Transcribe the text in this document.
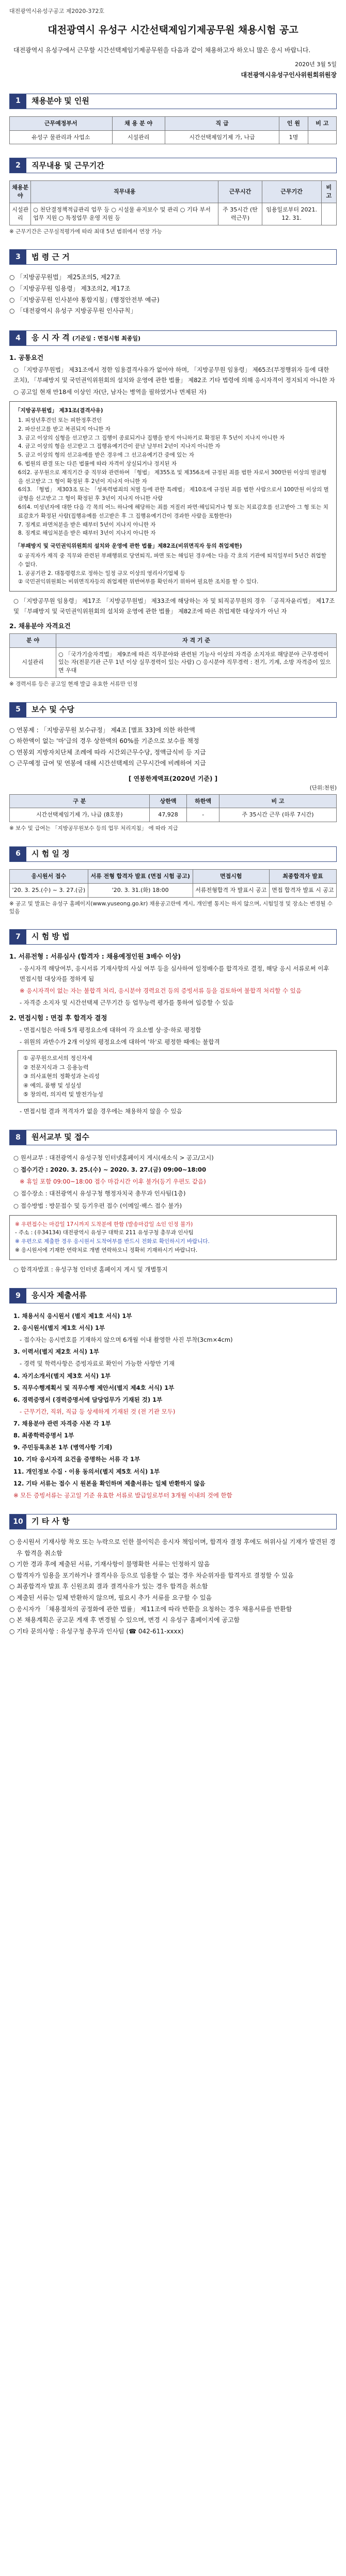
대전광역시유성구공고 제2020-372호
대전광역시 유성구 시간선택제임기제공무원 채용시험 공고

대전광역시 유성구에서 근무할 시간선택제임기제공무원을 다음과 같이 채용하고자 하오니 많은 응시 바랍니다.

2020년 3월 5일
대전광역시유성구인사위원회위원장
1	채용분야 및 인원
근무예정부서	채 용 분 야	직 급	인 원	비 고
유성구 물관리과 사업소	시설관리	시간선택제임기제 가, 나급	1명	
2	직무내용 및 근무기간
채용분야	직무내용	근무시간	근무기간	비 고
시설관리	○ 천단결정책적급관리 업무 등 ○ 시설물 유지보수 및 관리 ○ 기타 부서 업무 지원 ○ 특정업무 운영 지원 등	주 35시간 (탄력근무)	임용일로부터 2021. 12. 31.	
※ 근무기간은 근무실적평가에 따라 최대 5년 범위에서 연장 가능
3	법 령 근 거
○ 「지방공무원법」 제25조의5, 제27조
○ 「지방공무원 임용령」 제3조의2, 제17조
○ 「지방공무원 인사분야 통합지침」(행정안전부 예규)
○ 「대전광역시 유성구 지방공무원 인사규칙」
4	응 시 자 격 (기준일 : 면접시험 최종일)
1. 공통요건

○ 「지방공무원법」 제31조에서 정한 임용결격사유가 없어야 하며, 「지방공무원 임용령」 제65조(부정행위자 등에 대한 조치), 「부패방지 및 국민권익위원회의 설치와 운영에 관한 법률」 제82조 기타 법령에 의해 응시자격이 정지되지 아니한 자

○ 공고일 현재 만18세 이상인 자(단, 남자는 병역을 필하였거나 면제된 자)

「지방공무원법」 제31조(결격사유)
1. 피성년후견인 또는 피한정후견인
2. 파산선고를 받고 복권되지 아니한 자
3. 금고 이상의 실형을 선고받고 그 집행이 종료되거나 집행을 받지 아니하기로 확정된 후 5년이 지나지 아니한 자
4. 금고 이상의 형을 선고받고 그 집행유예기간이 끝난 날부터 2년이 지나지 아니한 자
5. 금고 이상의 형의 선고유예를 받은 경우에 그 선고유예기간 중에 있는 자
6. 법원의 판결 또는 다른 법률에 따라 자격이 상실되거나 정지된 자
6의2. 공무원으로 재직기간 중 직무와 관련하여 「형법」 제355조 및 제356조에 규정된 죄를 범한 자로서 300만원 이상의 벌금형을 선고받고 그 형이 확정된 후 2년이 지나지 아니한 자
6의3. 「형법」 제303조 또는 「성폭력범죄의 처벌 등에 관한 특례법」 제10조에 규정된 죄를 범한 사람으로서 100만원 이상의 벌금형을 선고받고 그 형이 확정된 후 3년이 지나지 아니한 사람
6의4. 미성년자에 대한 다음 각 목의 어느 하나에 해당하는 죄를 저질러 파면·해임되거나 형 또는 치료감호를 선고받아 그 형 또는 치료감호가 확정된 사람(집행유예를 선고받은 후 그 집행유예기간이 경과한 사람을 포함한다)
7. 징계로 파면처분을 받은 때부터 5년이 지나지 아니한 자
8. 징계로 해임처분을 받은 때부터 3년이 지나지 아니한 자
「부패방지 및 국민권익위원회의 설치와 운영에 관한 법률」제82조(비위면직자 등의 취업제한)
① 공직자가 재직 중 직무와 관련된 부패행위로 당연퇴직, 파면 또는 해임된 경우에는 다음 각 호의 기관에 퇴직일부터 5년간 취업할 수 없다.
1. 공공기관 2. 대통령령으로 정하는 일정 규모 이상의 영리사기업체 등
② 국민권익위원회는 비위면직자등의 취업제한 위반여부를 확인하기 위하여 필요한 조치를 할 수 있다.

○ 「지방공무원 임용령」 제17조 「지방공무원법」 제33조에 해당하는 자 및 퇴직공무원의 경우 「공직자윤리법」 제17조 및 「부패방지 및 국민권익위원회의 설치와 운영에 관한 법률」 제82조에 따른 취업제한 대상자가 아닌 자

2. 채용분야 자격요건
분 야	자 격 기 준
시설관리	○ 「국가기술자격법」 제9조에 따른 직무분야와 관련된 기능사 이상의 자격증 소지자로 해당분야 근무경력이 있는 자(전문기관 근무 1년 이상 실무경력이 있는 사람) ○ 응시분야 직무경력 : 전기, 기계, 소방 자격증이 있으면 우대
※ 경력서류 등은 공고일 현재 발급 유효한 서류만 인정
5	보수 및 수당
○ 연봉제 : 「지방공무원 보수규정」 제4조 [별표 33]에 의한 하한액
○ 하한액이 없는 '마'급의 경우 상한액의 60%를 기준으로 보수를 책정
○ 연봉외 지방자치단체 조례에 따라 시간외근무수당, 정액급식비 등 지급
○ 근무예정 급여 및 연봉에 대해 시간선택제의 근무시간에 비례하여 지급
[ 연봉한계액표(2020년 기준) ]
(단위:천원)
구 분	상한액	하한액	비 고
시간선택제임기제 가, 나급 (8호봉)	47,928	-	주 35시간 근무 (하루 7시간)
※ 보수 및 급여는 「지방공무원보수 등의 업무 처리지침」 에 따라 지급
6	시 험 일 정
응시원서 접수	서류 전형 합격자 발표 (면접 시험 공고)	면접시험	최종합격자 발표
'20. 3. 25.(수) ~ 3. 27.(금)	'20. 3. 31.(화) 18:00	서류전형합격 자 발표시 공고	면접 합격자 발표 시 공고
※ 공고 및 발표는 유성구 홈페이지(www.yuseong.go.kr) 채용공고란에 게시, 개인별 통지는 하지 않으며, 시험일정 및 장소는 변경될 수 있음
7	시 험 방 법
1. 서류전형 : 서류심사 (합격자 : 채용예정인원 3배수 이상)

- 응시자격 해당여부, 응시서류 기재사항의 사실 여부 등을 심사하여 일정배수를 합격자로 결정, 해당 응시 서류로써 이후 면접시험 대상자를 정하게 됨

※ 응시자격이 없는 자는 불합격 처리, 응시분야 경력요건 등의 증빙서류 등을 검토하여 불합격 처리할 수 있음

- 자격증 소지자 및 시간선택제 근무기간 등 업무능력 평가를 통하여 입증할 수 있음

2. 면접시험 : 면접 후 합격자 결정

- 면접시험은 아래 5개 평정요소에 대하여 각 요소별 상·중·하로 평정함

- 위원의 과반수가 2개 이상의 평정요소에 대하여 '하'로 평정한 때에는 불합격

① 공무원으로서의 정신자세
② 전문지식과 그 응용능력
③ 의사표현의 정확성과 논리성
④ 예의, 품행 및 성실성
⑤ 창의력, 의지력 및 발전가능성

- 면접시험 결과 적격자가 없을 경우에는 채용하지 않을 수 있음

8	원서교부 및 접수

○ 원서교부 : 대전광역시 유성구청 인터넷홈페이지 게시(새소식 > 공고/고시)

○ 접수기간 : 2020. 3. 25.(수) ~ 2020. 3. 27.(금) 09:00~18:00

※ 휴일 포함 09:00~18:00 접수 마감시간 이후 불가(등기 우편도 같음)

○ 접수장소 : 대전광역시 유성구청 행정자치국 총무과 인사팀(1층)

○ 접수방법 : 방문접수 및 등기우편 접수 (이메일·팩스 접수 불가)

※ 우편접수는 마감일 17시까지 도착분에 한함 (발송마감일 소인 인정 불가)
- 주소 : (우34134) 대전광역시 유성구 대학로 211 유성구청 총무과 인사팀
※ 우편으로 제출한 경우 응시원서 도착여부를 반드시 전화로 확인하시기 바랍니다.
※ 응시원서에 기재한 연락처로 개별 연락하오니 정확히 기재하시기 바랍니다.

○ 합격자발표 : 유성구청 인터넷 홈페이지 게시 및 개별통지

9	응시자 제출서류

1. 채용서식 응시원서 (별지 제1호 서식) 1부

2. 응시원서(별지 제1호 서식) 1부

- 접수자는 응시번호를 기재하지 않으며 6개월 이내 촬영한 사진 부착(3cm×4cm)

3. 이력서(별지 제2호 서식) 1부

- 경력 및 학력사항은 증빙자료로 확인이 가능한 사항만 기재

4. 자기소개서(별지 제3호 서식) 1부

5. 직무수행계획서 및 직무수행 제안서(별지 제4호 서식) 1부

6. 경력증명서 (경력증명서에 담당업무가 기재된 것) 1부

- 근무기간, 직위, 직급 등 상세하게 기재된 것 (전 기관 모두)

7. 채용분야 관련 자격증 사본 각 1부

8. 최종학력증명서 1부

9. 주민등록초본 1부 (병역사항 기재)

10. 기타 응시자격 요건을 증명하는 서류 각 1부

11. 개인정보 수집 · 이용 동의서(별지 제5호 서식) 1부

12. 기타 서류는 접수 시 원본을 확인하며 제출서류는 일체 반환하지 않음

※ 모든 증빙서류는 공고일 기준 유효한 서류로 발급일로부터 3개월 이내의 것에 한함

10	기 타 사 항
○ 응시원서 기재사항 착오 또는 누락으로 인한 불이익은 응시자 책임이며, 합격자 결정 후에도 허위사실 기재가 발견된 경우 합격을 취소함
○ 기한 경과 후에 제출된 서류, 기재사항이 불명확한 서류는 인정하지 않음
○ 합격자가 임용을 포기하거나 결격사유 등으로 임용할 수 없는 경우 차순위자를 합격자로 결정할 수 있음
○ 최종합격자 발표 후 신원조회 결과 결격사유가 있는 경우 합격을 취소함
○ 제출된 서류는 일체 반환하지 않으며, 필요시 추가 서류를 요구할 수 있음
○ 응시자가 「채용절차의 공정화에 관한 법률」 제11조에 따라 반환을 요청하는 경우 채용서류를 반환함
○ 본 채용계획은 공고문 게재 후 변경될 수 있으며, 변경 시 유성구 홈페이지에 공고함
○ 기타 문의사항 : 유성구청 총무과 인사팀 (☎ 042-611-xxxx)
